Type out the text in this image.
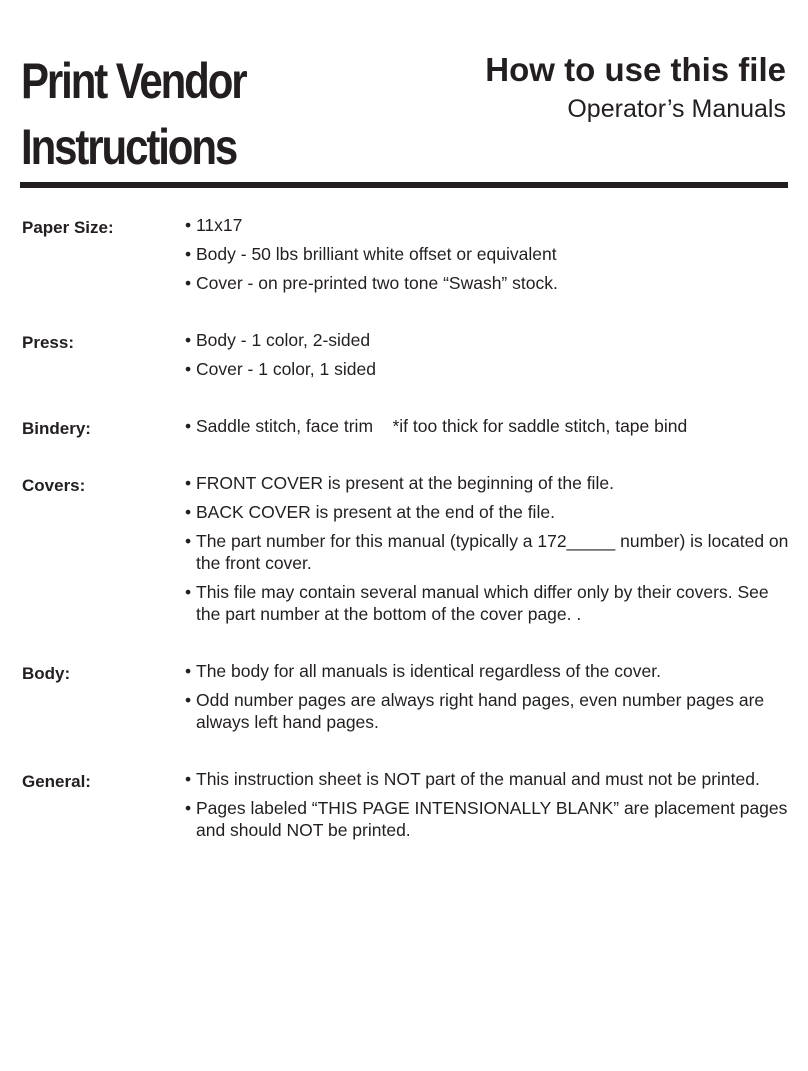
Print Vendor
Instructions
How to use this file
Operator’s Manuals
Paper Size:	• 11x17
• Body - 50 lbs brilliant white offset or equivalent
• Cover - on pre-printed two tone “Swash” stock.
Press:	• Body - 1 color, 2-sided
• Cover - 1 color, 1 sided
Bindery:	• Saddle stitch, face trim    *if too thick for saddle stitch, tape bind
Covers:	• FRONT COVER is present at the beginning of the file.
• BACK COVER is present at the end of the file.
• The part number for this manual (typically a 172_____ number) is located on the front cover.
• This file may contain several manual which differ only by their covers. See the part number at the bottom of the cover page. .
Body:	• The body for all manuals is identical regardless of the cover.
• Odd number pages are always right hand pages, even number pages are always left hand pages.
General:	• This instruction sheet is NOT part of the manual and must not be printed.
• Pages labeled “THIS PAGE INTENSIONALLY BLANK” are placement pages and should NOT be printed.
